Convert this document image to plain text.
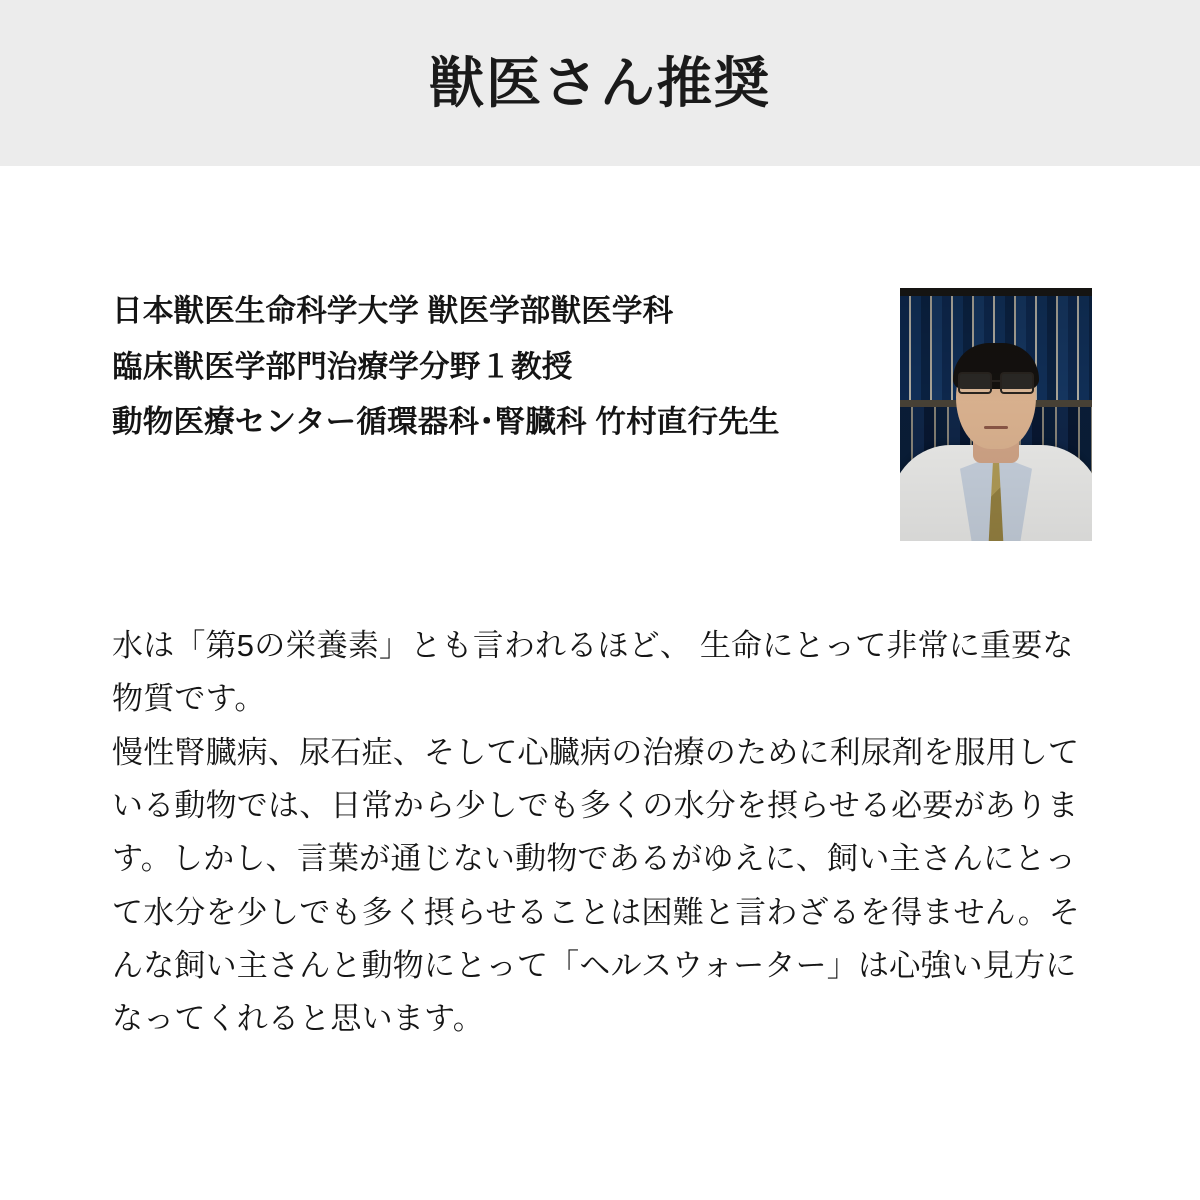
獣医さん推奨
日本獣医生命科学大学 獣医学部獣医学科
臨床獣医学部門治療学分野１教授
動物医療センター循環器科･腎臓科 竹村直行先生

水は「第5の栄養素」とも言われるほど、 生命にとって非常に重要な物質です。

慢性腎臓病、尿石症、そして心臓病の治療のために利尿剤を服用している動物では、日常から少しでも多くの水分を摂らせる必要があります。しかし、言葉が通じない動物であるがゆえに、飼い主さんにとって水分を少しでも多く摂らせることは困難と言わざるを得ません。そんな飼い主さんと動物にとって「ヘルスウォーター」は心強い見方になってくれると思います。
